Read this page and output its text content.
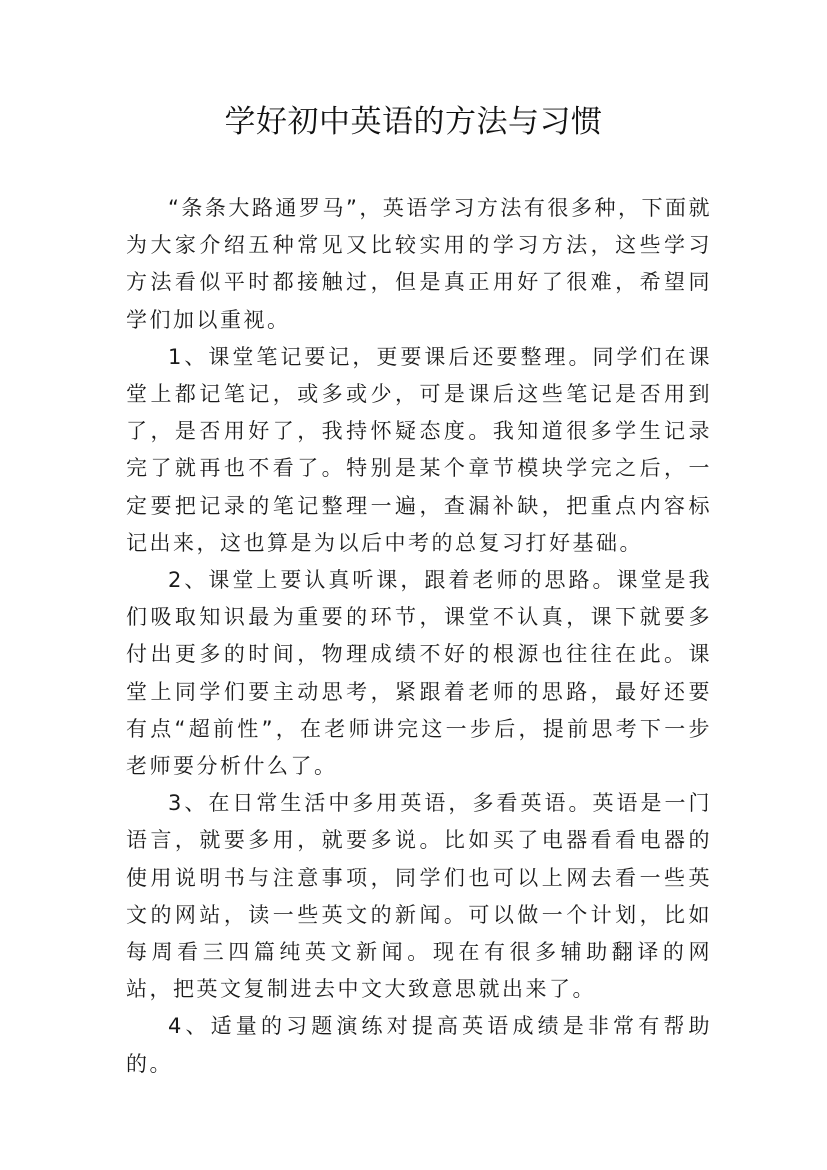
学好初中英语的方法与习惯

“条条大路通罗马”，英语学习方法有很多种，下面就为大家介绍五种常见又比较实用的学习方法，这些学习方法看似平时都接触过，但是真正用好了很难，希望同学们加以重视。

1、课堂笔记要记，更要课后还要整理。同学们在课堂上都记笔记，或多或少，可是课后这些笔记是否用到了，是否用好了，我持怀疑态度。我知道很多学生记录完了就再也不看了。特别是某个章节模块学完之后，一定要把记录的笔记整理一遍，查漏补缺，把重点内容标记出来，这也算是为以后中考的总复习打好基础。

2、课堂上要认真听课，跟着老师的思路。课堂是我们吸取知识最为重要的环节，课堂不认真，课下就要多付出更多的时间，物理成绩不好的根源也往往在此。课堂上同学们要主动思考，紧跟着老师的思路，最好还要有点“超前性”，在老师讲完这一步后，提前思考下一步老师要分析什么了。

3、在日常生活中多用英语，多看英语。英语是一门语言，就要多用，就要多说。比如买了电器看看电器的使用说明书与注意事项，同学们也可以上网去看一些英文的网站，读一些英文的新闻。可以做一个计划，比如每周看三四篇纯英文新闻。现在有很多辅助翻译的网站，把英文复制进去中文大致意思就出来了。

4、适量的习题演练对提高英语成绩是非常有帮助的。
